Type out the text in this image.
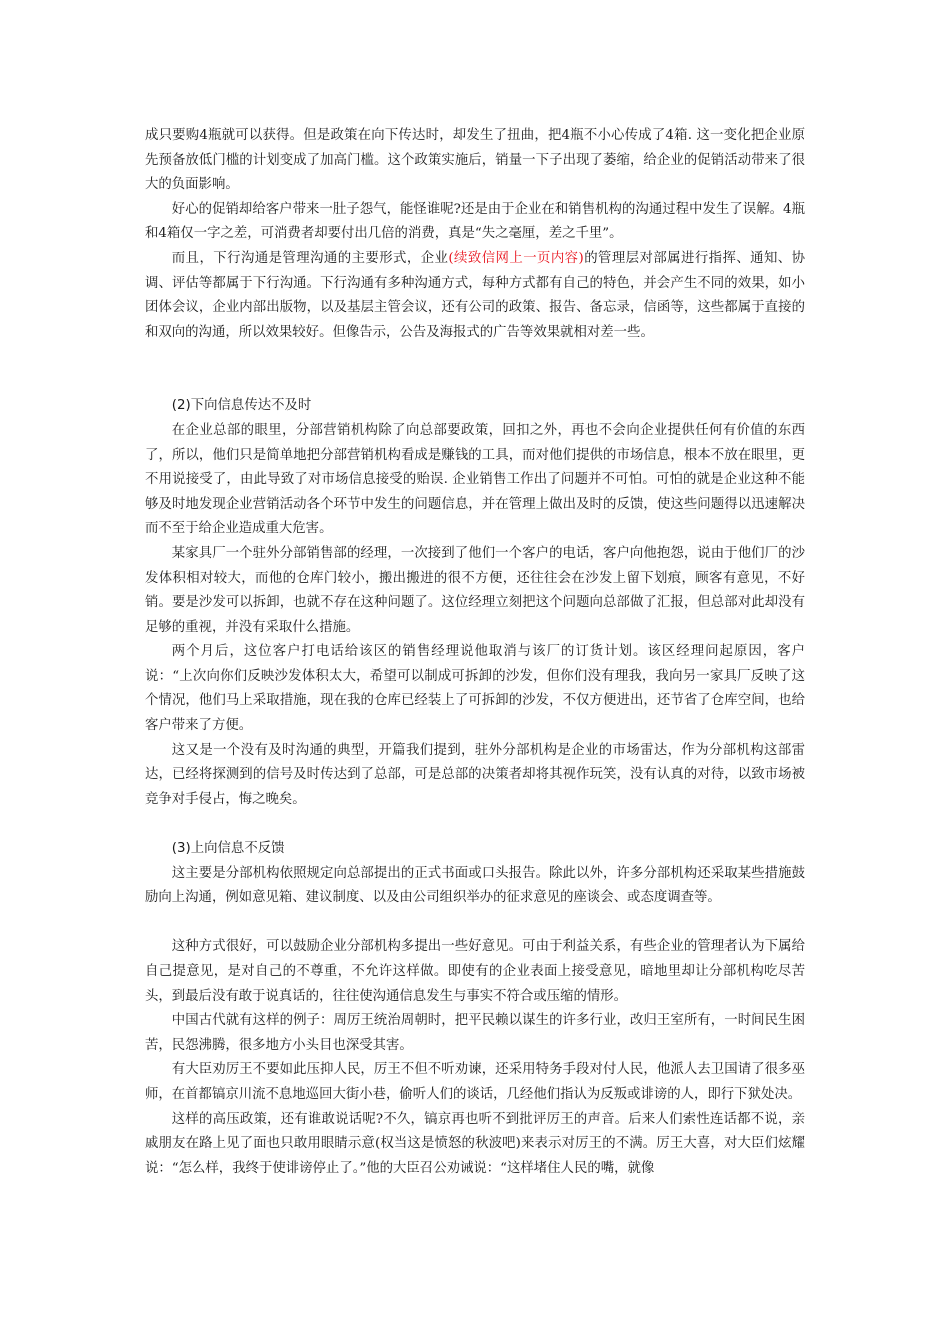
成只要购4瓶就可以获得。但是政策在向下传达时，却发生了扭曲，把4瓶不小心传成了4箱. 这一变化把企业原先预备放低门槛的计划变成了加高门槛。这个政策实施后，销量一下子出现了萎缩，给企业的促销活动带来了很大的负面影响。

好心的促销却给客户带来一肚子怨气，能怪谁呢?还是由于企业在和销售机构的沟通过程中发生了误解。4瓶和4箱仅一字之差，可消费者却要付出几倍的消费，真是“失之毫厘，差之千里”。

而且，下行沟通是管理沟通的主要形式，企业(续致信网上一页内容)的管理层对部属进行指挥、通知、协调、评估等都属于下行沟通。下行沟通有多种沟通方式，每种方式都有自己的特色，并会产生不同的效果，如小团体会议，企业内部出版物，以及基层主管会议，还有公司的政策、报告、备忘录，信函等，这些都属于直接的和双向的沟通，所以效果较好。但像告示，公告及海报式的广告等效果就相对差一些。

(2)下向信息传达不及时

在企业总部的眼里，分部营销机构除了向总部要政策，回扣之外，再也不会向企业提供任何有价值的东西了，所以，他们只是简单地把分部营销机构看成是赚钱的工具，而对他们提供的市场信息，根本不放在眼里，更不用说接受了，由此导致了对市场信息接受的贻误. 企业销售工作出了问题并不可怕。可怕的就是企业这种不能够及时地发现企业营销活动各个环节中发生的问题信息，并在管理上做出及时的反馈，使这些问题得以迅速解决而不至于给企业造成重大危害。

某家具厂一个驻外分部销售部的经理，一次接到了他们一个客户的电话，客户向他抱怨，说由于他们厂的沙发体积相对较大，而他的仓库门较小，搬出搬进的很不方便，还往往会在沙发上留下划痕，顾客有意见，不好销。要是沙发可以拆卸，也就不存在这种问题了。这位经理立刻把这个问题向总部做了汇报，但总部对此却没有足够的重视，并没有采取什么措施。

两个月后，这位客户打电话给该区的销售经理说他取消与该厂的订货计划。该区经理问起原因，客户说：“上次向你们反映沙发体积太大，希望可以制成可拆卸的沙发，但你们没有理我，我向另一家具厂反映了这个情况，他们马上采取措施，现在我的仓库已经装上了可拆卸的沙发，不仅方便进出，还节省了仓库空间，也给客户带来了方便。

这又是一个没有及时沟通的典型，开篇我们提到，驻外分部机构是企业的市场雷达，作为分部机构这部雷达，已经将探测到的信号及时传达到了总部，可是总部的决策者却将其视作玩笑，没有认真的对待，以致市场被竞争对手侵占，悔之晚矣。

(3)上向信息不反馈

这主要是分部机构依照规定向总部提出的正式书面或口头报告。除此以外，许多分部机构还采取某些措施鼓励向上沟通，例如意见箱、建议制度、以及由公司组织举办的征求意见的座谈会、或态度调查等。

这种方式很好，可以鼓励企业分部机构多提出一些好意见。可由于利益关系，有些企业的管理者认为下属给自己提意见，是对自己的不尊重，不允许这样做。即使有的企业表面上接受意见，暗地里却让分部机构吃尽苦头，到最后没有敢于说真话的，往往使沟通信息发生与事实不符合或压缩的情形。

中国古代就有这样的例子：周厉王统治周朝时，把平民赖以谋生的许多行业，改归王室所有，一时间民生困苦，民怨沸腾，很多地方小头目也深受其害。

有大臣劝厉王不要如此压抑人民，厉王不但不听劝谏，还采用特务手段对付人民，他派人去卫国请了很多巫师，在首都镐京川流不息地巡回大街小巷，偷听人们的谈话，几经他们指认为反叛或诽谤的人，即行下狱处决。

这样的高压政策，还有谁敢说话呢?不久，镐京再也听不到批评厉王的声音。后来人们索性连话都不说，亲戚朋友在路上见了面也只敢用眼睛示意(权当这是愤怒的秋波吧)来表示对厉王的不满。厉王大喜，对大臣们炫耀说：“怎么样，我终于使诽谤停止了。”他的大臣召公劝诫说：“这样堵住人民的嘴，就像
